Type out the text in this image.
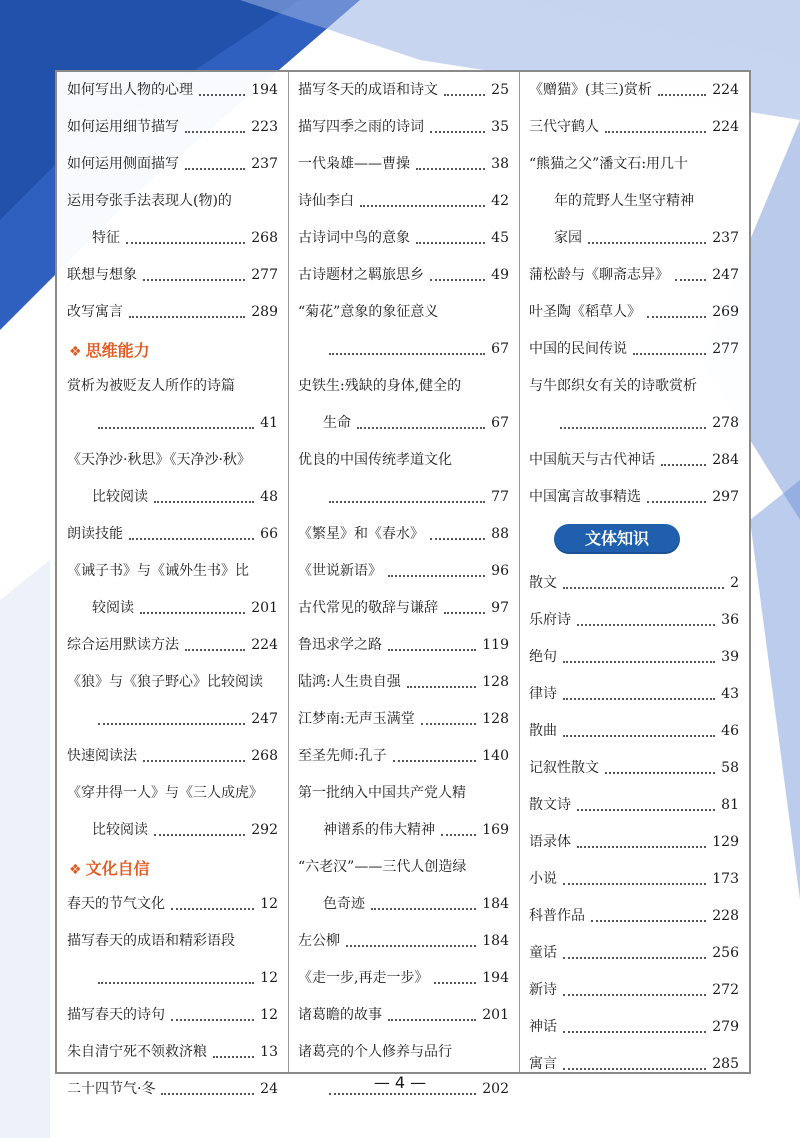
如何写出人物的心理	194
如何运用细节描写	223
如何运用侧面描写	237
运用夸张手法表现人(物)的
特征	268
联想与想象	277
改写寓言	289
❖ 思维能力
赏析为被贬友人所作的诗篇
41
《天净沙·秋思》《天净沙·秋》
比较阅读	48
朗读技能	66
《诫子书》与《诫外生书》比
较阅读	201
综合运用默读方法	224
《狼》与《狼子野心》比较阅读
247
快速阅读法	268
《穿井得一人》与《三人成虎》
比较阅读	292
❖ 文化自信
春天的节气文化	12
描写春天的成语和精彩语段
12
描写春天的诗句	12
朱自清宁死不领救济粮	13
二十四节气·冬	24
描写冬天的成语和诗文	25
描写四季之雨的诗词	35
一代枭雄——曹操	38
诗仙李白	42
古诗词中鸟的意象	45
古诗题材之羁旅思乡	49
“菊花”意象的象征意义
67
史铁生:残缺的身体,健全的
生命	67
优良的中国传统孝道文化
77
《繁星》和《春水》	88
《世说新语》	96
古代常见的敬辞与谦辞	97
鲁迅求学之路	119
陆鸿:人生贵自强	128
江梦南:无声玉满堂	128
至圣先师:孔子	140
第一批纳入中国共产党人精
神谱系的伟大精神	169
“六老汉”——三代人创造绿
色奇迹	184
左公柳	184
《走一步,再走一步》	194
诸葛瞻的故事	201
诸葛亮的个人修养与品行
202
《赠猫》(其三)赏析	224
三代守鹤人	224
“熊猫之父”潘文石:用几十
年的荒野人生坚守精神
家园	237
蒲松龄与《聊斋志异》	247
叶圣陶《稻草人》	269
中国的民间传说	277
与牛郎织女有关的诗歌赏析
278
中国航天与古代神话	284
中国寓言故事精选	297
文体知识
散文	2
乐府诗	36
绝句	39
律诗	43
散曲	46
记叙性散文	58
散文诗	81
语录体	129
小说	173
科普作品	228
童话	256
新诗	272
神话	279
寓言	285
— 4 —
